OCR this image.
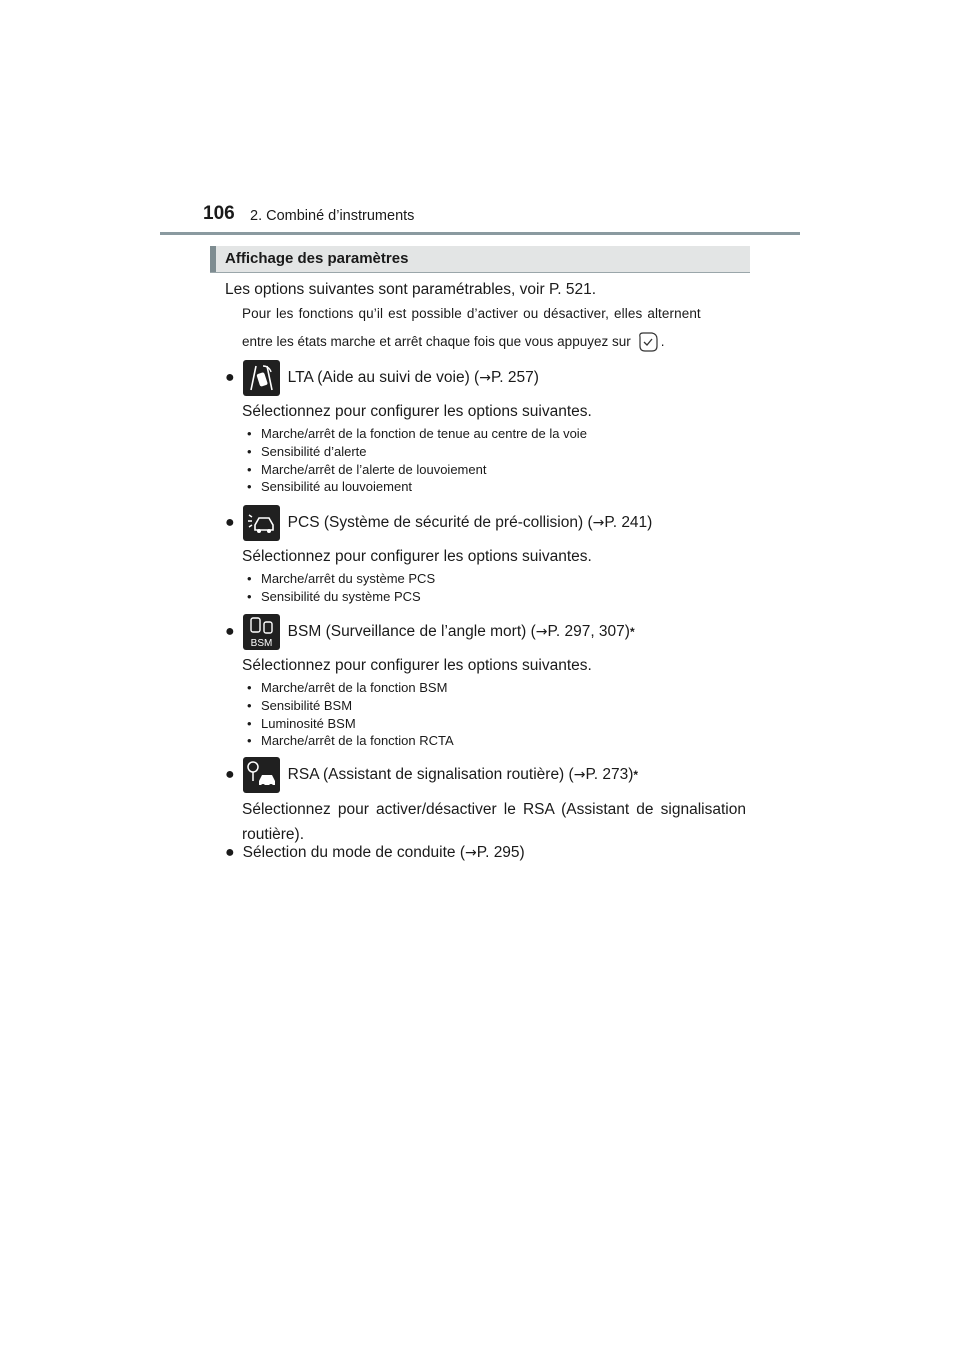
106 2. Combiné d’instruments
Affichage des paramètres
Les options suivantes sont paramétrables, voir P. 521.
Pour les fonctions qu’il est possible d’activer ou désactiver, elles alternent
entre les états marche et arrêt chaque fois que vous appuyez sur .
●	LTA (Aide au suivi de voie) ( → P. 257)
Sélectionnez pour configurer les options suivantes.
• Marche/arrêt de la fonction de tenue au centre de la voie
• Sensibilité d’alerte
• Marche/arrêt de l’alerte de louvoiement
• Sensibilité au louvoiement
●	PCS (Système de sécurité de pré-collision) ( → P. 241)
Sélectionnez pour configurer les options suivantes.
• Marche/arrêt du système PCS
• Sensibilité du système PCS
●
BSM
BSM (Surveillance de l’angle mort) ( → P. 297, 307) *
Sélectionnez pour configurer les options suivantes.
• Marche/arrêt de la fonction BSM
• Sensibilité BSM
• Luminosité BSM
• Marche/arrêt de la fonction RCTA
●	RSA (Assistant de signalisation routière) ( → P. 273) *
Sélectionnez pour activer/désactiver le RSA (Assistant de signalisation routière).
● Sélection du mode de conduite ( → P. 295)
